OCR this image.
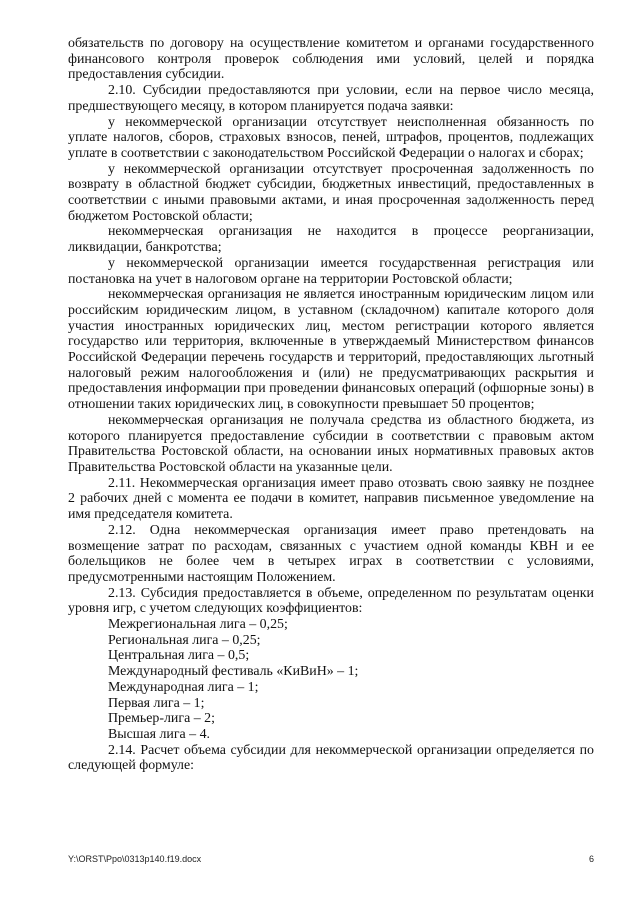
обязательств по договору на осуществление комитетом и органами государственного финансового контроля проверок соблюдения ими условий, целей и порядка предоставления субсидии.

2.10. Субсидии предоставляются при условии, если на первое число месяца, предшествующего месяцу, в котором планируется подача заявки:

у некоммерческой организации отсутствует неисполненная обязанность по уплате налогов, сборов, страховых взносов, пеней, штрафов, процентов, подлежащих уплате в соответствии с законодательством Российской Федерации о налогах и сборах;

у некоммерческой организации отсутствует просроченная задолженность по возврату в областной бюджет субсидии, бюджетных инвестиций, предоставленных в соответствии с иными правовыми актами, и иная просроченная задолженность перед бюджетом Ростовской области;

некоммерческая организация не находится в процессе реорганизации, ликвидации, банкротства;

у некоммерческой организации имеется государственная регистрация или постановка на учет в налоговом органе на территории Ростовской области;

некоммерческая организация не является иностранным юридическим лицом или российским юридическим лицом, в уставном (складочном) капитале которого доля участия иностранных юридических лиц, местом регистрации которого является государство или территория, включенные в утверждаемый Министерством финансов Российской Федерации перечень государств и территорий, предоставляющих льготный налоговый режим налогообложения и (или) не предусматривающих раскрытия и предоставления информации при проведении финансовых операций (офшорные зоны) в отношении таких юридических лиц, в совокупности превышает 50 процентов;

некоммерческая организация не получала средства из областного бюджета, из которого планируется предоставление субсидии в соответствии с правовым актом Правительства Ростовской области, на основании иных нормативных правовых актов Правительства Ростовской области на указанные цели.

2.11. Некоммерческая организация имеет право отозвать свою заявку не позднее 2 рабочих дней с момента ее подачи в комитет, направив письменное уведомление на имя председателя комитета.

2.12. Одна некоммерческая организация имеет право претендовать на возмещение затрат по расходам, связанных с участием одной команды КВН и ее болельщиков не более чем в четырех играх в соответствии с условиями, предусмотренными настоящим Положением.

2.13. Субсидия предоставляется в объеме, определенном по результатам оценки уровня игр, с учетом следующих коэффициентов:

Межрегиональная лига – 0,25;

Региональная лига – 0,25;

Центральная лига – 0,5;

Международный фестиваль «КиВиН» – 1;

Международная лига – 1;

Первая лига – 1;

Премьер-лига – 2;

Высшая лига – 4.

2.14. Расчет объема субсидии для некоммерческой организации определяется по следующей формуле:

Y:\ORST\Ppo\0313p140.f19.docx	6
